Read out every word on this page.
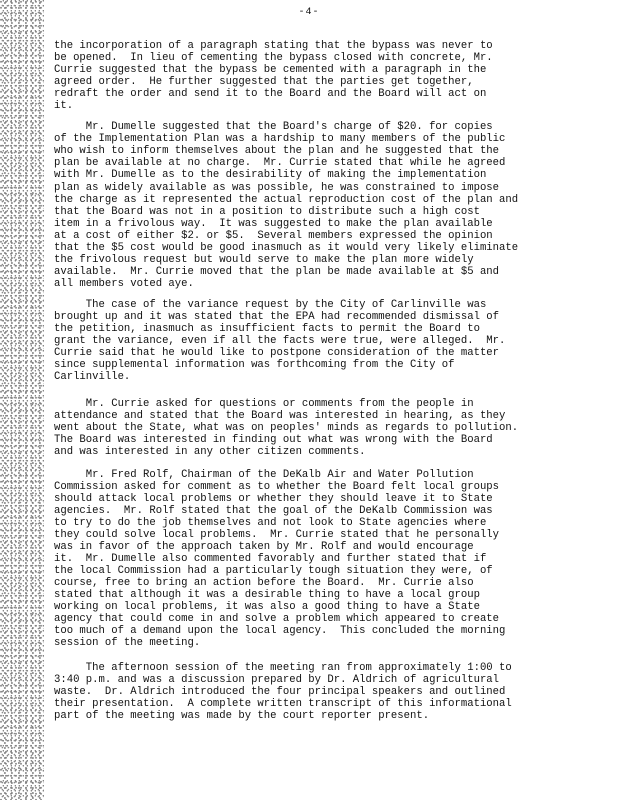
-4-

the incorporation of a paragraph stating that the bypass was never to
be opened.  In lieu of cementing the bypass closed with concrete, Mr.
Currie suggested that the bypass be cemented with a paragraph in the
agreed order.  He further suggested that the parties get together,
redraft the order and send it to the Board and the Board will act on
it.

Mr. Dumelle suggested that the Board's charge of $20. for copies
of the Implementation Plan was a hardship to many members of the public
who wish to inform themselves about the plan and he suggested that the
plan be available at no charge.  Mr. Currie stated that while he agreed
with Mr. Dumelle as to the desirability of making the implementation
plan as widely available as was possible, he was constrained to impose
the charge as it represented the actual reproduction cost of the plan and
that the Board was not in a position to distribute such a high cost
item in a frivolous way.  It was suggested to make the plan available
at a cost of either $2. or $5.  Several members expressed the opinion
that the $5 cost would be good inasmuch as it would very likely eliminate
the frivolous request but would serve to make the plan more widely
available.  Mr. Currie moved that the plan be made available at $5 and
all members voted aye.

The case of the variance request by the City of Carlinville was
brought up and it was stated that the EPA had recommended dismissal of
the petition, inasmuch as insufficient facts to permit the Board to
grant the variance, even if all the facts were true, were alleged.  Mr.
Currie said that he would like to postpone consideration of the matter
since supplemental information was forthcoming from the City of
Carlinville.

Mr. Currie asked for questions or comments from the people in
attendance and stated that the Board was interested in hearing, as they
went about the State, what was on peoples' minds as regards to pollution.
The Board was interested in finding out what was wrong with the Board
and was interested in any other citizen comments.

Mr. Fred Rolf, Chairman of the DeKalb Air and Water Pollution
Commission asked for comment as to whether the Board felt local groups
should attack local problems or whether they should leave it to State
agencies.  Mr. Rolf stated that the goal of the DeKalb Commission was
to try to do the job themselves and not look to State agencies where
they could solve local problems.  Mr. Currie stated that he personally
was in favor of the approach taken by Mr. Rolf and would encourage
it.  Mr. Dumelle also commented favorably and further stated that if
the local Commission had a particularly tough situation they were, of
course, free to bring an action before the Board.  Mr. Currie also
stated that although it was a desirable thing to have a local group
working on local problems, it was also a good thing to have a State
agency that could come in and solve a problem which appeared to create
too much of a demand upon the local agency.  This concluded the morning
session of the meeting.

The afternoon session of the meeting ran from approximately 1:00 to
3:40 p.m. and was a discussion prepared by Dr. Aldrich of agricultural
waste.  Dr. Aldrich introduced the four principal speakers and outlined
their presentation.  A complete written transcript of this informational
part of the meeting was made by the court reporter present.
